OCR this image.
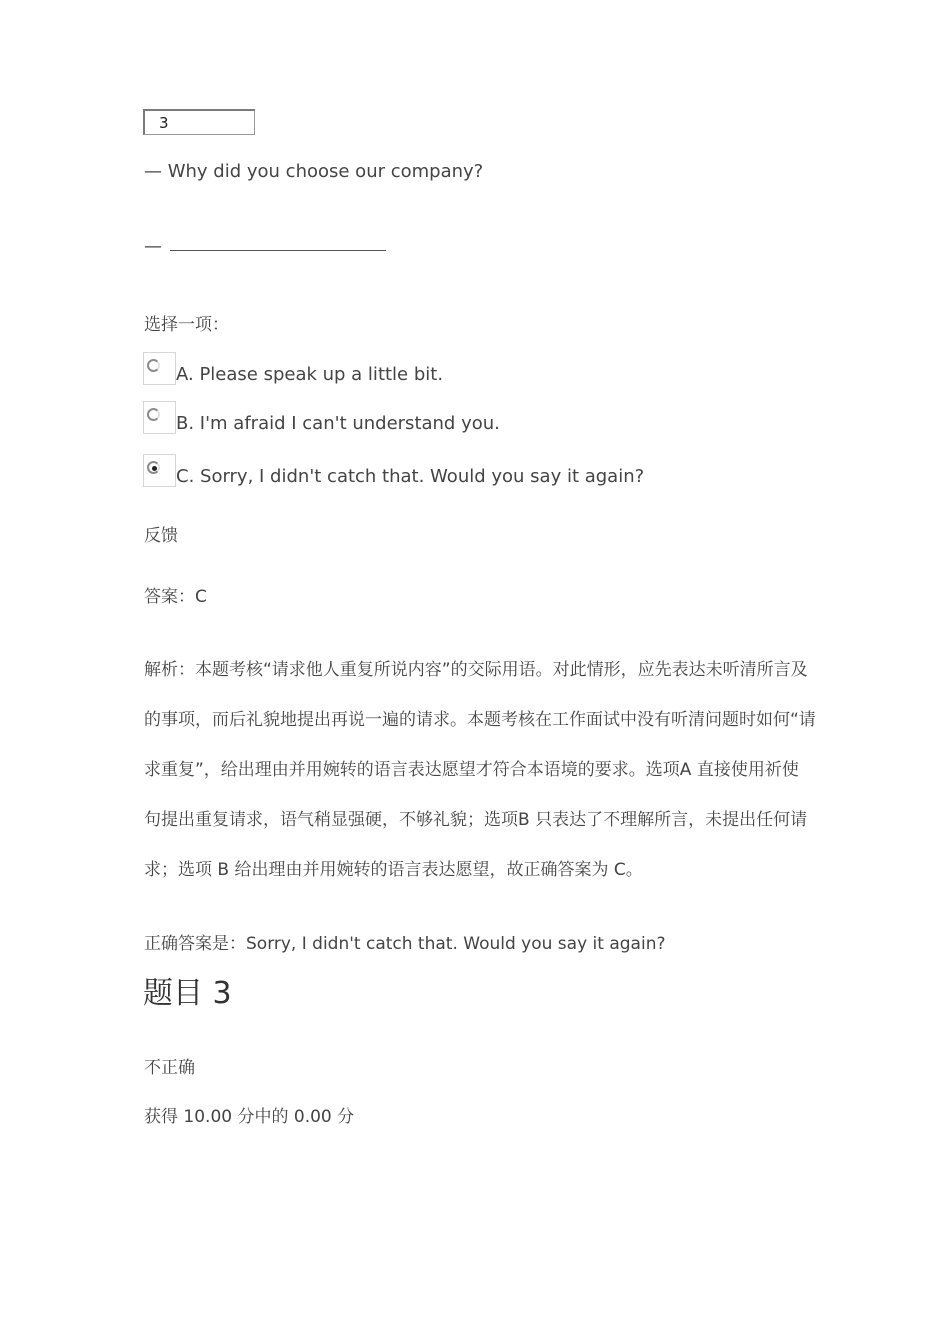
3
— Why did you choose our company?
—
选择一项：
A. Please speak up a little bit.
B. I'm afraid I can't understand you.
C. Sorry, I didn't catch that. Would you say it again?
反馈
答案：C
解析：本题考核“请求他人重复所说内容”的交际用语。对此情形，应先表达未听清所言及
的事项，而后礼貌地提出再说一遍的请求。本题考核在工作面试中没有听清问题时如何“请
求重复”，给出理由并用婉转的语言表达愿望才符合本语境的要求。选项A 直接使用祈使
句提出重复请求，语气稍显强硬，不够礼貌；选项B 只表达了不理解所言，未提出任何请
求；选项 B 给出理由并用婉转的语言表达愿望，故正确答案为 C。
正确答案是：Sorry, I didn't catch that. Would you say it again?
题目 3
不正确
获得 10.00 分中的 0.00 分
